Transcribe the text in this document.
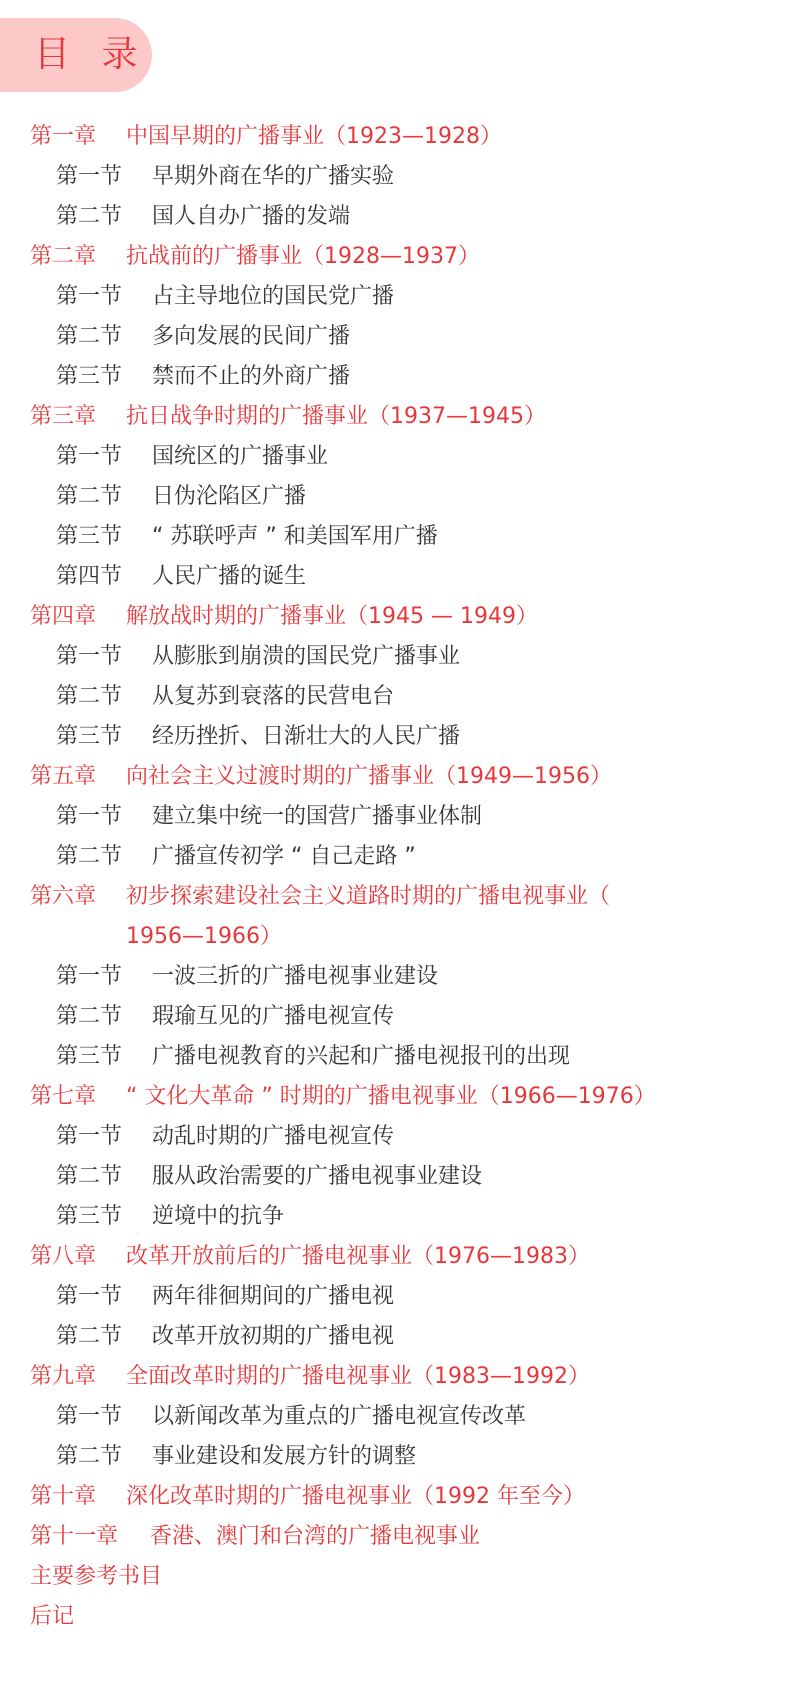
目 录
第一章	中国早期的广播事业（1923—1928）
第一节	早期外商在华的广播实验
第二节	国人自办广播的发端
第二章	抗战前的广播事业（1928—1937）
第一节	占主导地位的国民党广播
第二节	多向发展的民间广播
第三节	禁而不止的外商广播
第三章	抗日战争时期的广播事业（1937—1945）
第一节	国统区的广播事业
第二节	日伪沦陷区广播
第三节	“ 苏联呼声 ” 和美国军用广播
第四节	人民广播的诞生
第四章	解放战时期的广播事业（1945 — 1949）
第一节	从膨胀到崩溃的国民党广播事业
第二节	从复苏到衰落的民营电台
第三节	经历挫折、日渐壮大的人民广播
第五章	向社会主义过渡时期的广播事业（1949—1956）
第一节	建立集中统一的国营广播事业体制
第二节	广播宣传初学 “ 自己走路 ”
第六章	初步探索建设社会主义道路时期的广播电视事业（
1956—1966）
第一节	一波三折的广播电视事业建设
第二节	瑕瑜互见的广播电视宣传
第三节	广播电视教育的兴起和广播电视报刊的出现
第七章	“ 文化大革命 ” 时期的广播电视事业（1966—1976）
第一节	动乱时期的广播电视宣传
第二节	服从政治需要的广播电视事业建设
第三节	逆境中的抗争
第八章	改革开放前后的广播电视事业（1976—1983）
第一节	两年徘徊期间的广播电视
第二节	改革开放初期的广播电视
第九章	全面改革时期的广播电视事业（1983—1992）
第一节	以新闻改革为重点的广播电视宣传改革
第二节	事业建设和发展方针的调整
第十章	深化改革时期的广播电视事业（1992 年至今）
第十一章	香港、澳门和台湾的广播电视事业
主要参考书目
后记
